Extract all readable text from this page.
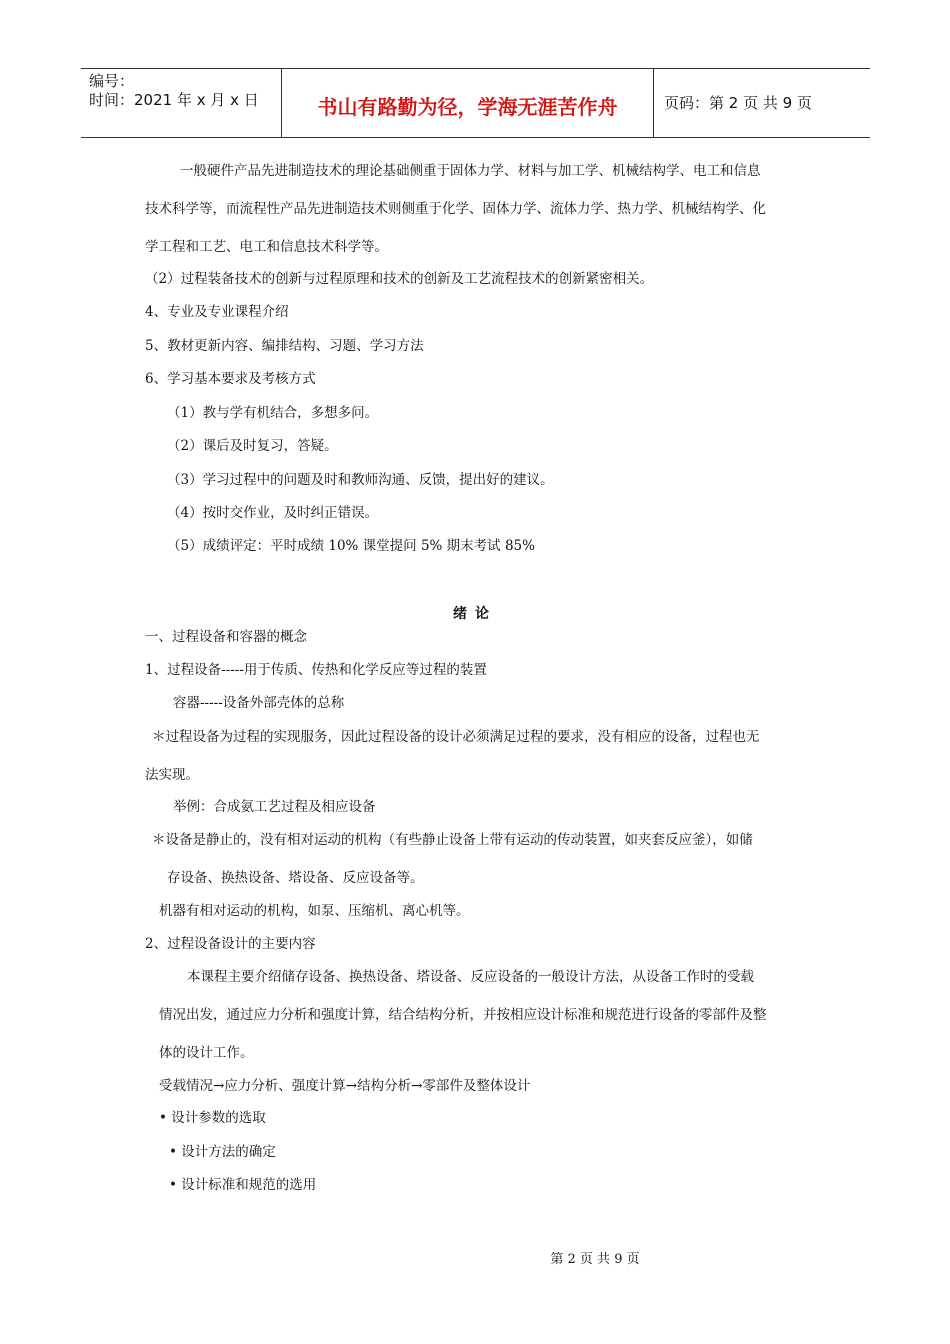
编号：
时间：2021 年 x 月 x 日	书山有路勤为径，学海无涯苦作舟	页码：第 2 页 共 9 页
一般硬件产品先进制造技术的理论基础侧重于固体力学、材料与加工学、机械结构学、电工和信息
技术科学等，而流程性产品先进制造技术则侧重于化学、固体力学、流体力学、热力学、机械结构学、化
学工程和工艺、电工和信息技术科学等。
（2）过程装备技术的创新与过程原理和技术的创新及工艺流程技术的创新紧密相关。
4、专业及专业课程介绍
5、教材更新内容、编排结构、习题、学习方法
6、学习基本要求及考核方式
（1）教与学有机结合，多想多问。
（2）课后及时复习，答疑。
（3）学习过程中的问题及时和教师沟通、反馈，提出好的建议。
（4）按时交作业，及时纠正错误。
（5）成绩评定：平时成绩 10% 课堂提问 5% 期末考试 85%
绪论
一、过程设备和容器的概念
1、过程设备-----用于传质、传热和化学反应等过程的装置
容器-----设备外部壳体的总称
＊过程设备为过程的实现服务，因此过程设备的设计必须满足过程的要求，没有相应的设备，过程也无
法实现。
举例：合成氨工艺过程及相应设备
＊设备是静止的，没有相对运动的机构（有些静止设备上带有运动的传动装置，如夹套反应釜），如储
存设备、换热设备、塔设备、反应设备等。
机器有相对运动的机构，如泵、压缩机、离心机等。
2、过程设备设计的主要内容
本课程主要介绍储存设备、换热设备、塔设备、反应设备的一般设计方法，从设备工作时的受载
情况出发，通过应力分析和强度计算，结合结构分析，并按相应设计标准和规范进行设备的零部件及整
体的设计工作。
受载情况→应力分析、强度计算→结构分析→零部件及整体设计
• 设计参数的选取
• 设计方法的确定
• 设计标准和规范的选用
第 2 页 共 9 页
